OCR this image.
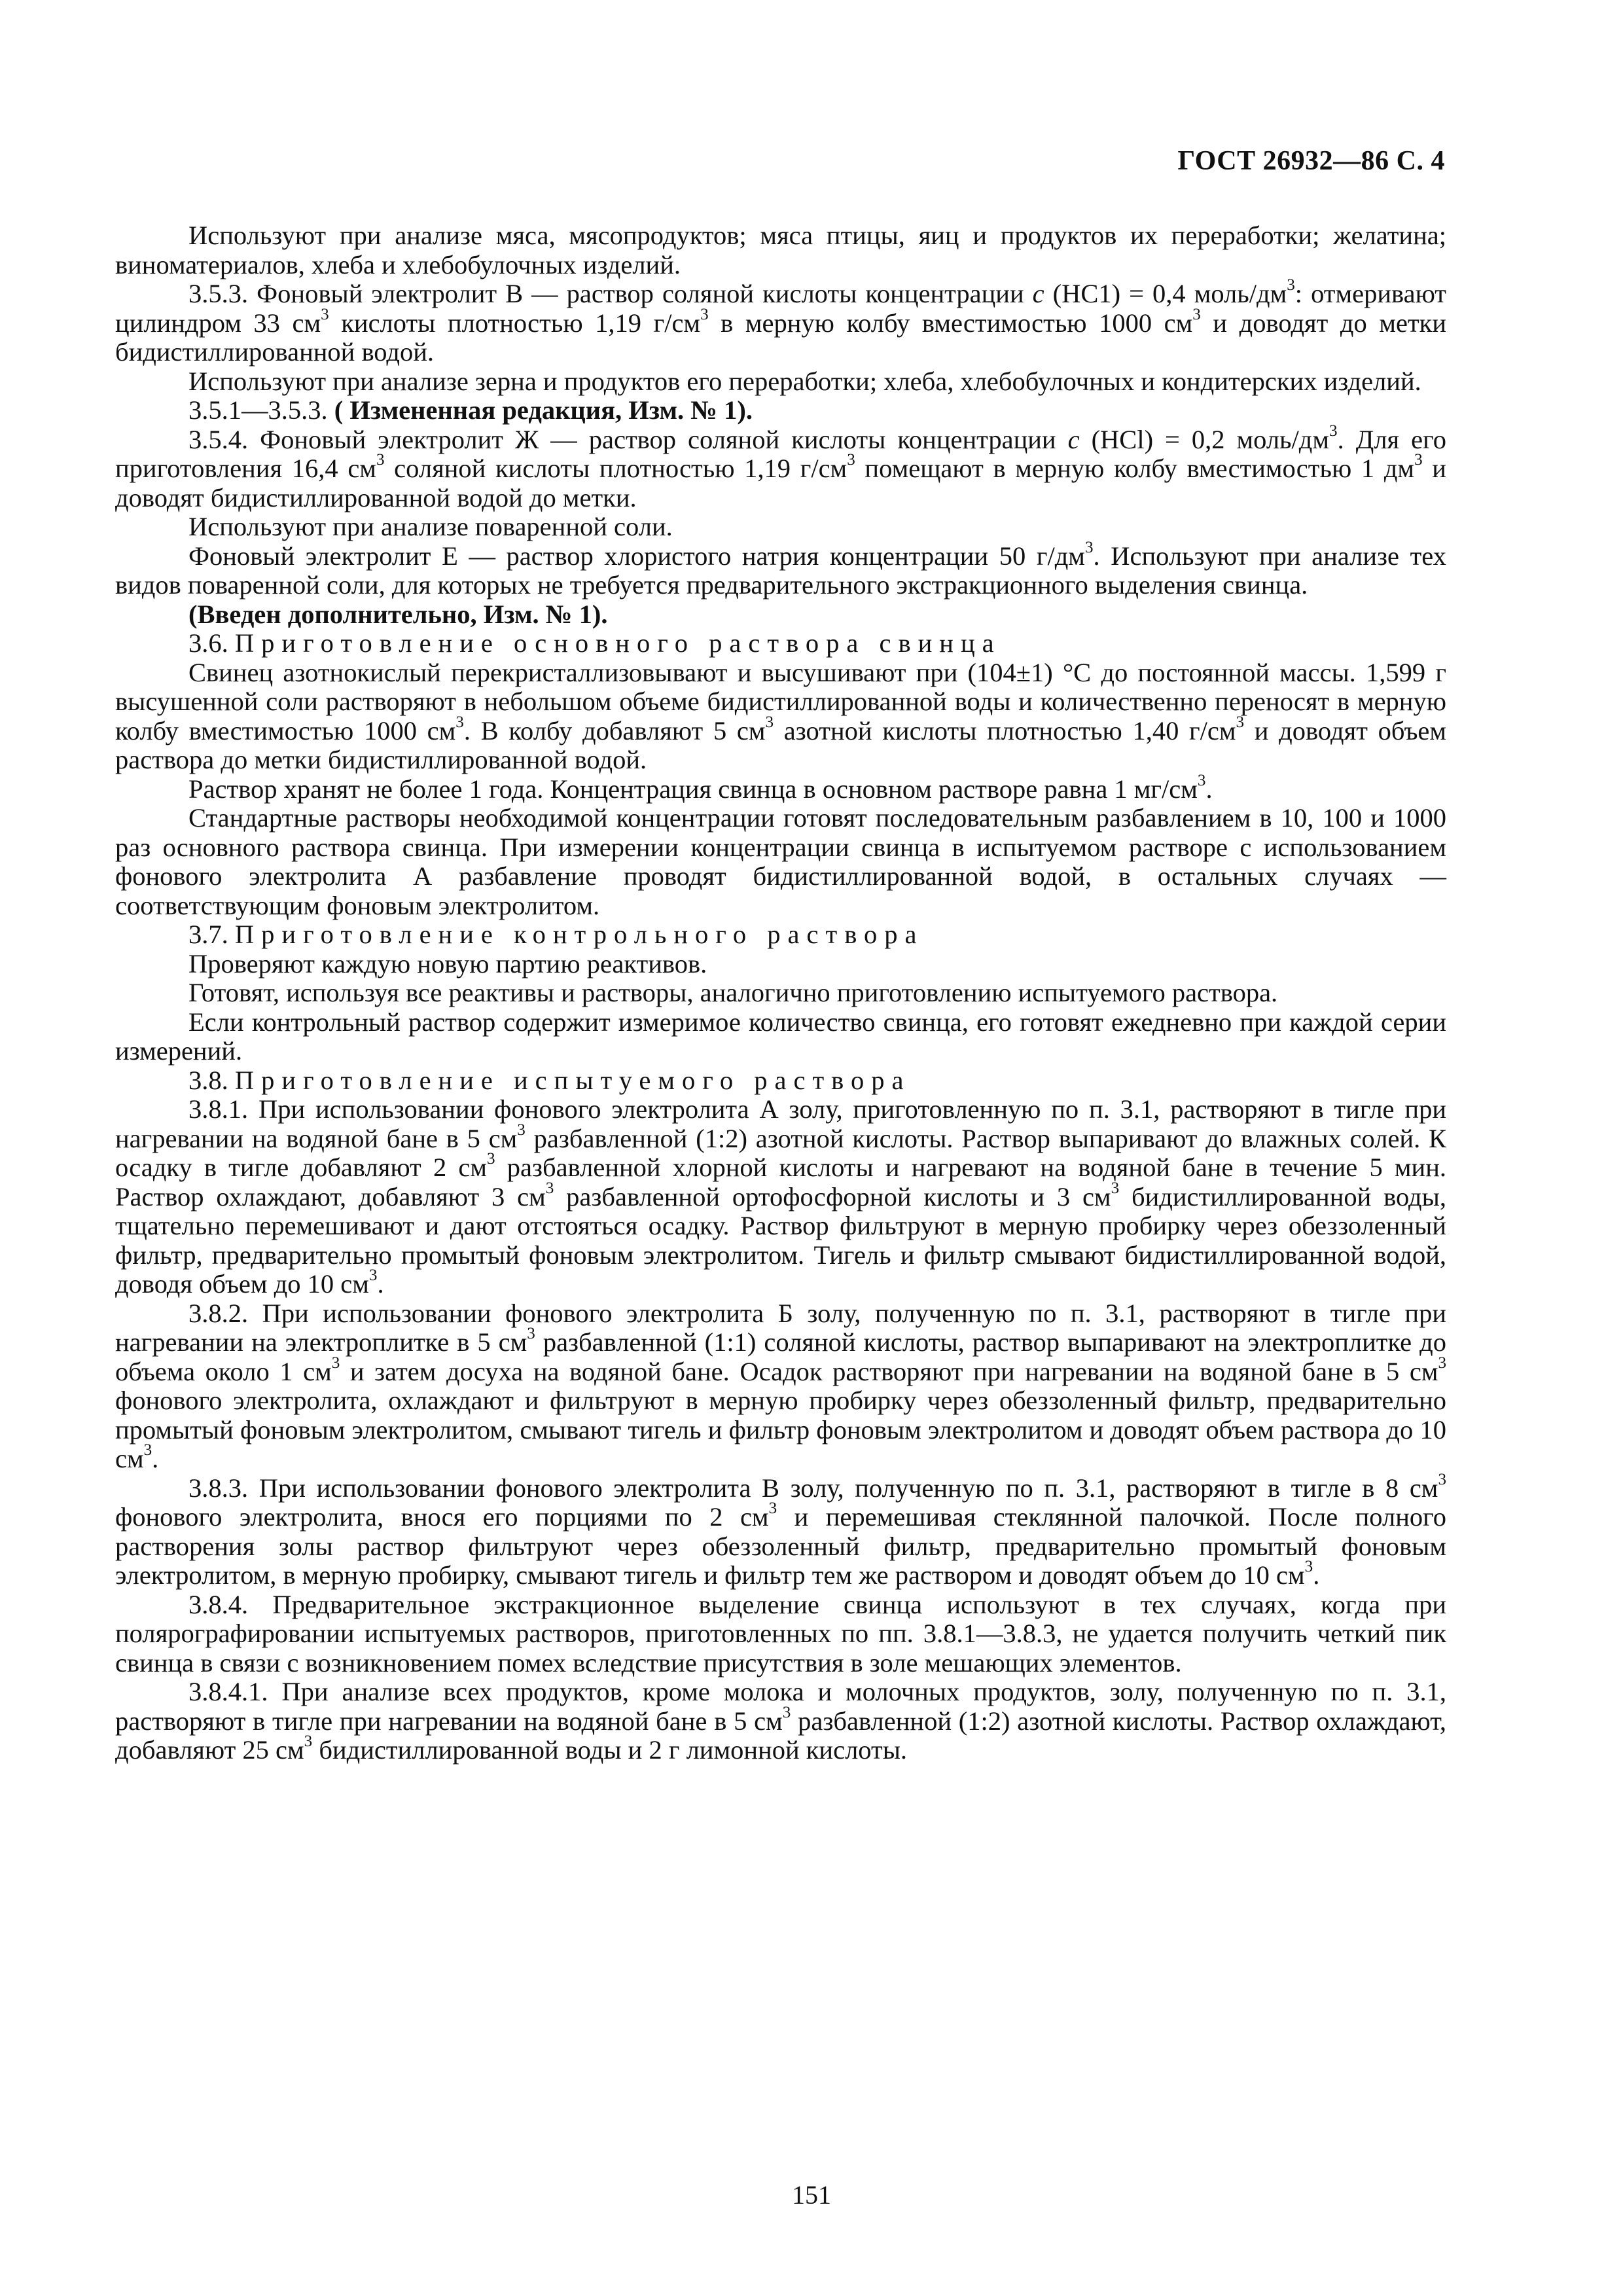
ГОСТ 26932—86 С. 4

Используют при анализе мяса, мясопродуктов; мяса птицы, яиц и продуктов их переработки; желатина; виноматериалов, хлеба и хлебобулочных изделий.

3.5.3. Фоновый электролит В — раствор соляной кислоты концентрации с (НС1) = 0,4 моль/$дм^3$: отмеривают цилиндром 33 $см^3$ кислоты плотностью 1,19 $г/см^3$ в мерную колбу вместимостью 1000 $см^3$ и доводят до метки бидистиллированной водой.

Используют при анализе зерна и продуктов его переработки; хлеба, хлебобулочных и кондитерских изделий.

3.5.1—3.5.3. ( Измененная редакция, Изм. № 1).

3.5.4. Фоновый электролит Ж — раствор соляной кислоты концентрации с (НСl) = 0,2 моль/$дм^3$. Для его приготовления 16,4 $см^3$ соляной кислоты плотностью 1,19 $г/см^3$ помещают в мерную колбу вместимостью 1 $дм^3$ и доводят бидистиллированной водой до метки.

Используют при анализе поваренной соли.

Фоновый электролит Е — раствор хлористого натрия концентрации 50 $г/дм^3$. Используют при анализе тех видов поваренной соли, для которых не требуется предварительного экстракционного выделения свинца.

(Введен дополнительно, Изм. № 1).

3.6. Приготовление основного раствора свинца

Свинец азотнокислый перекристаллизовывают и высушивают при (104±1) °С до постоянной массы. 1,599 г высушенной соли растворяют в небольшом объеме бидистиллированной воды и количественно переносят в мерную колбу вместимостью 1000 $см^3$. В колбу добавляют 5 $см^3$ азотной кислоты плотностью 1,40 $г/см^3$ и доводят объем раствора до метки бидистиллированной водой.

Раствор хранят не более 1 года. Концентрация свинца в основном растворе равна 1 $мг/см^3$.

Стандартные растворы необходимой концентрации готовят последовательным разбавлением в 10, 100 и 1000 раз основного раствора свинца. При измерении концентрации свинца в испытуемом растворе с использованием фонового электролита А разбавление проводят бидистиллированной водой, в остальных случаях — соответствующим фоновым электролитом.

3.7. Приготовление контрольного раствора

Проверяют каждую новую партию реактивов.

Готовят, используя все реактивы и растворы, аналогично приготовлению испытуемого раствора.

Если контрольный раствор содержит измеримое количество свинца, его готовят ежедневно при каждой серии измерений.

3.8. Приготовление испытуемого раствора

3.8.1. При использовании фонового электролита А золу, приготовленную по п. 3.1, растворяют в тигле при нагревании на водяной бане в 5 $см^3$ разбавленной (1:2) азотной кислоты. Раствор выпаривают до влажных солей. К осадку в тигле добавляют 2 $см^3$ разбавленной хлорной кислоты и нагревают на водяной бане в течение 5 мин. Раствор охлаждают, добавляют 3 $см^3$ разбавленной ортофосфорной кислоты и 3 $см^3$ бидистиллированной воды, тщательно перемешивают и дают отстояться осадку. Раствор фильтруют в мерную пробирку через обеззоленный фильтр, предварительно промытый фоновым электролитом. Тигель и фильтр смывают бидистиллированной водой, доводя объем до 10 $см^3$.

3.8.2. При использовании фонового электролита Б золу, полученную по п. 3.1, растворяют в тигле при нагревании на электроплитке в 5 $см^3$ разбавленной (1:1) соляной кислоты, раствор выпаривают на электроплитке до объема около 1 $см^3$ и затем досуха на водяной бане. Осадок растворяют при нагревании на водяной бане в 5 $см^3$ фонового электролита, охлаждают и фильтруют в мерную пробирку через обеззоленный фильтр, предварительно промытый фоновым электролитом, смывают тигель и фильтр фоновым электролитом и доводят объем раствора до 10 $см^3$.

3.8.3. При использовании фонового электролита В золу, полученную по п. 3.1, растворяют в тигле в 8 $см^3$ фонового электролита, внося его порциями по 2 $см^3$ и перемешивая стеклянной палочкой. После полного растворения золы раствор фильтруют через обеззоленный фильтр, предварительно промытый фоновым электролитом, в мерную пробирку, смывают тигель и фильтр тем же раствором и доводят объем до 10 $см^3$.

3.8.4. Предварительное экстракционное выделение свинца используют в тех случаях, когда при полярографировании испытуемых растворов, приготовленных по пп. 3.8.1—3.8.3, не удается получить четкий пик свинца в связи с возникновением помех вследствие присутствия в золе мешающих элементов.

3.8.4.1. При анализе всех продуктов, кроме молока и молочных продуктов, золу, полученную по п. 3.1, растворяют в тигле при нагревании на водяной бане в 5 $см^3$ разбавленной (1:2) азотной кислоты. Раствор охлаждают, добавляют 25 $см^3$ бидистиллированной воды и 2 г лимонной кислоты.

151
